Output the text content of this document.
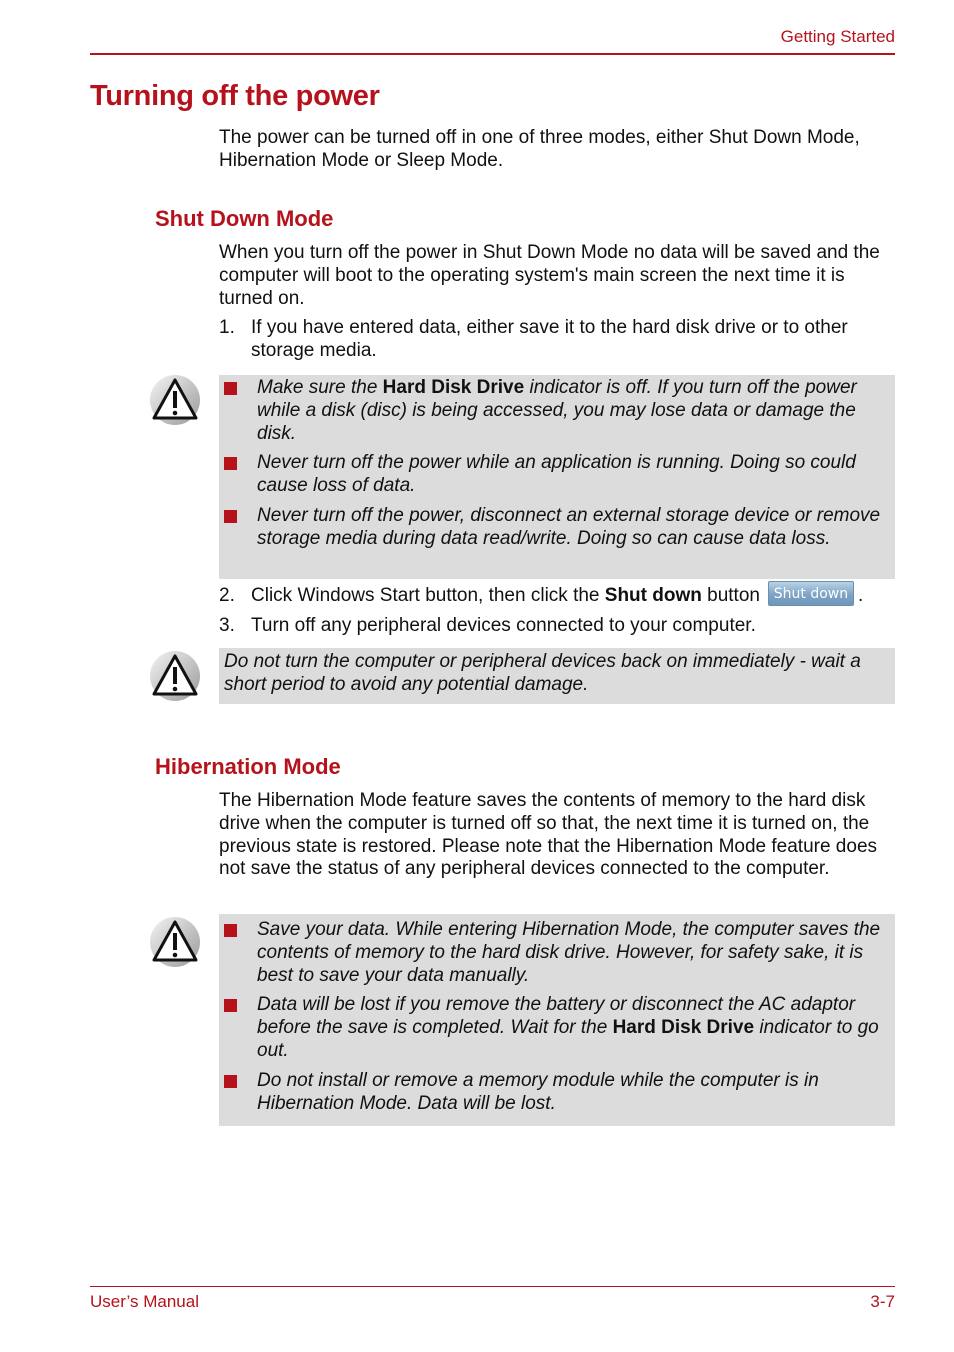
Getting Started
Turning off the power
The power can be turned off in one of three modes, either Shut Down Mode, Hibernation Mode or Sleep Mode.
Shut Down Mode
When you turn off the power in Shut Down Mode no data will be saved and the computer will boot to the operating system's main screen the next time it is turned on.
1. If you have entered data, either save it to the hard disk drive or to other storage media.
Make sure the Hard Disk Drive indicator is off. If you turn off the power while a disk (disc) is being accessed, you may lose data or damage the disk.
Never turn off the power while an application is running. Doing so could cause loss of data.
Never turn off the power, disconnect an external storage device or remove storage media during data read/write. Doing so can cause data loss.
2. Click Windows Start button, then click the Shut down button Shut down .
3. Turn off any peripheral devices connected to your computer.
Do not turn the computer or peripheral devices back on immediately - wait a short period to avoid any potential damage.
Hibernation Mode
The Hibernation Mode feature saves the contents of memory to the hard disk drive when the computer is turned off so that, the next time it is turned on, the previous state is restored. Please note that the Hibernation Mode feature does not save the status of any peripheral devices connected to the computer.
Save your data. While entering Hibernation Mode, the computer saves the contents of memory to the hard disk drive. However, for safety sake, it is best to save your data manually.
Data will be lost if you remove the battery or disconnect the AC adaptor before the save is completed. Wait for the Hard Disk Drive indicator to go out.
Do not install or remove a memory module while the computer is in Hibernation Mode. Data will be lost.
User’s Manual	3-7
